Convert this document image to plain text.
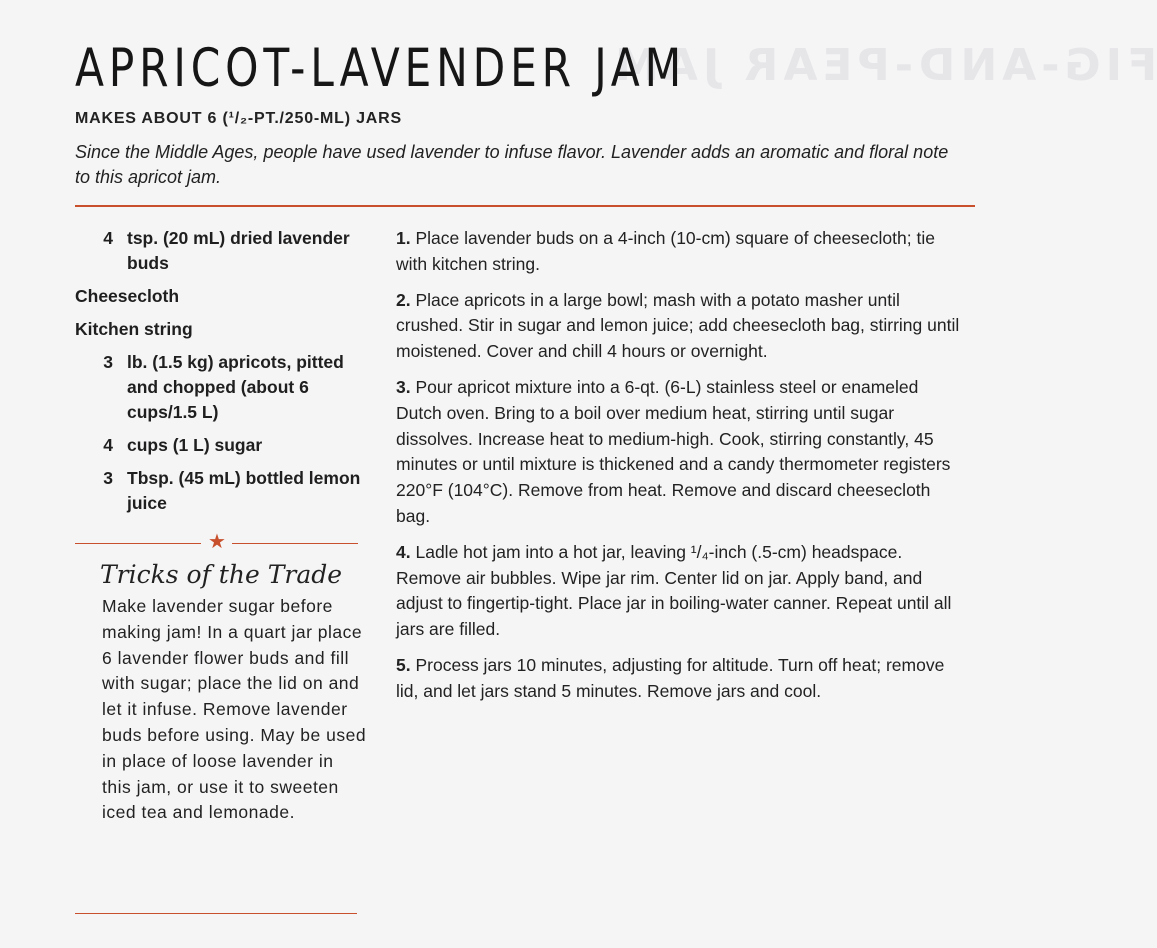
FIG-AND-PEAR JAM
APRICOT-LAVENDER JAM
MAKES ABOUT 6 (¹/₂-PT./250-ML) JARS
Since the Middle Ages, people have used lavender to infuse flavor. Lavender adds an aromatic and floral note to this apricot jam.
4 tsp. (20 mL) dried lavender buds
Cheesecloth
Kitchen string
3 lb. (1.5 kg) apricots, pitted and chopped (about 6 cups/1.5 L)
4 cups (1 L) sugar
3 Tbsp. (45 mL) bottled lemon juice
★
Tricks of the Trade
Make lavender sugar before making jam! In a quart jar place 6 lavender flower buds and fill with sugar; place the lid on and let it infuse. Remove lavender buds before using. May be used in place of loose lavender in this jam, or use it to sweeten iced tea and lemonade.
1. Place lavender buds on a 4-inch (10-cm) square of cheesecloth; tie with kitchen string.
2. Place apricots in a large bowl; mash with a potato masher until crushed. Stir in sugar and lemon juice; add cheesecloth bag, stirring until moistened. Cover and chill 4 hours or overnight.
3. Pour apricot mixture into a 6-qt. (6-L) stainless steel or enameled Dutch oven. Bring to a boil over medium heat, stirring until sugar dissolves. Increase heat to medium-high. Cook, stirring constantly, 45 minutes or until mixture is thickened and a candy thermometer registers 220°F (104°C). Remove from heat. Remove and discard cheesecloth bag.
4. Ladle hot jam into a hot jar, leaving ¹/₄-inch (.5-cm) headspace. Remove air bubbles. Wipe jar rim. Center lid on jar. Apply band, and adjust to fingertip-tight. Place jar in boiling-water canner. Repeat until all jars are filled.
5. Process jars 10 minutes, adjusting for altitude. Turn off heat; remove lid, and let jars stand 5 minutes. Remove jars and cool.
